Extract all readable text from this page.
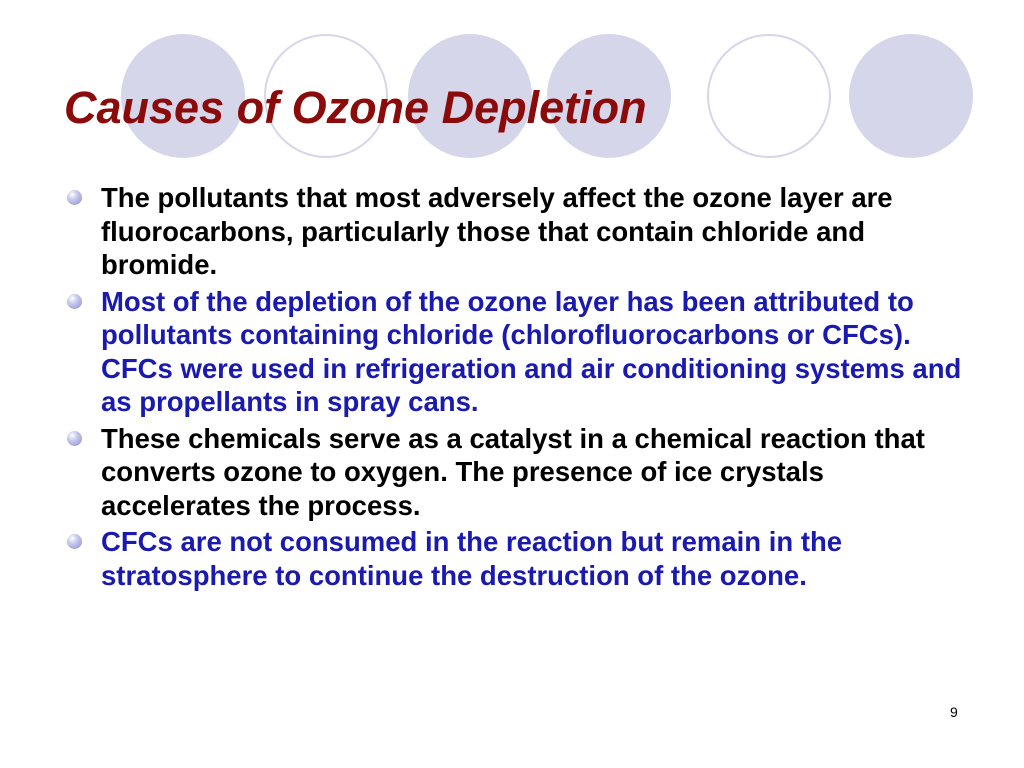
Causes of Ozone Depletion
The pollutants that most adversely affect the ozone layer are fluorocarbons, particularly those that contain chloride and bromide.
Most of the depletion of the ozone layer has been attributed to pollutants containing chloride (chlorofluorocarbons or CFCs). CFCs were used in refrigeration and air conditioning systems and as propellants in spray cans.
These chemicals serve as a catalyst in a chemical reaction that converts ozone to oxygen. The presence of ice crystals accelerates the process.
CFCs are not consumed in the reaction but remain in the stratosphere to continue the destruction of the ozone.
9
